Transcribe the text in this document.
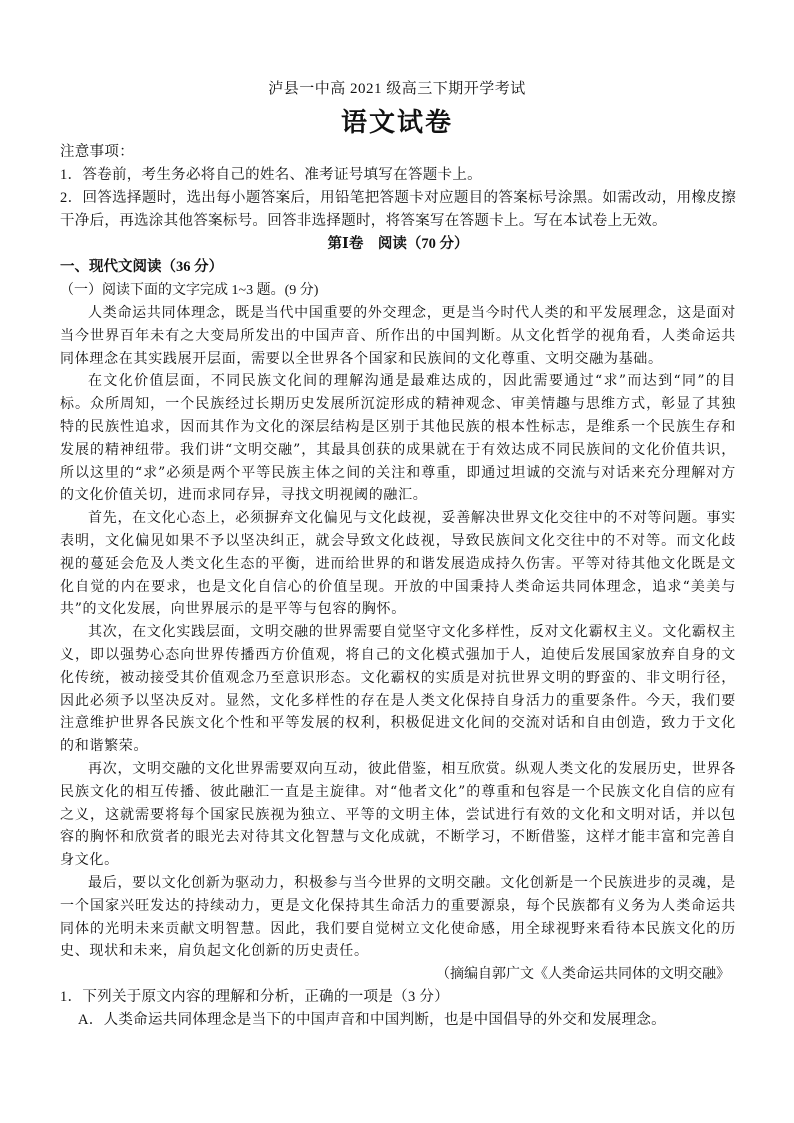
泸县一中高 2021 级高三下期开学考试
语文试卷
注意事项：
1．答卷前，考生务必将自己的姓名、准考证号填写在答题卡上。
2．回答选择题时，选出每小题答案后，用铅笔把答题卡对应题目的答案标号涂黑。如需改动，用橡皮擦干净后，再选涂其他答案标号。回答非选择题时，将答案写在答题卡上。写在本试卷上无效。
第Ⅰ卷　阅读（70 分）
一、现代文阅读（36 分）
（一）阅读下面的文字完成 1~3 题。(9 分)

人类命运共同体理念，既是当代中国重要的外交理念，更是当今时代人类的和平发展理念，这是面对当今世界百年未有之大变局所发出的中国声音、所作出的中国判断。从文化哲学的视角看，人类命运共同体理念在其实践展开层面，需要以全世界各个国家和民族间的文化尊重、文明交融为基础。

在文化价值层面，不同民族文化间的理解沟通是最难达成的，因此需要通过“求”而达到“同”的目标。众所周知，一个民族经过长期历史发展所沉淀形成的精神观念、审美情趣与思维方式，彰显了其独特的民族性追求，因而其作为文化的深层结构是区别于其他民族的根本性标志，是维系一个民族生存和发展的精神纽带。我们讲“文明交融”，其最具创获的成果就在于有效达成不同民族间的文化价值共识，所以这里的“求”必须是两个平等民族主体之间的关注和尊重，即通过坦诚的交流与对话来充分理解对方的文化价值关切，进而求同存异，寻找文明视阈的融汇。

首先，在文化心态上，必须摒弃文化偏见与文化歧视，妥善解决世界文化交往中的不对等问题。事实表明，文化偏见如果不予以坚决纠正，就会导致文化歧视，导致民族间文化交往中的不对等。而文化歧视的蔓延会危及人类文化生态的平衡，进而给世界的和谐发展造成持久伤害。平等对待其他文化既是文化自觉的内在要求，也是文化自信心的价值呈现。开放的中国秉持人类命运共同体理念，追求“美美与共”的文化发展，向世界展示的是平等与包容的胸怀。

其次，在文化实践层面，文明交融的世界需要自觉坚守文化多样性，反对文化霸权主义。文化霸权主义，即以强势心态向世界传播西方价值观，将自己的文化模式强加于人，迫使后发展国家放弃自身的文化传统，被动接受其价值观念乃至意识形态。文化霸权的实质是对抗世界文明的野蛮的、非文明行径，因此必须予以坚决反对。显然，文化多样性的存在是人类文化保持自身活力的重要条件。今天，我们要注意维护世界各民族文化个性和平等发展的权利，积极促进文化间的交流对话和自由创造，致力于文化的和谐繁荣。

再次，文明交融的文化世界需要双向互动，彼此借鉴，相互欣赏。纵观人类文化的发展历史，世界各民族文化的相互传播、彼此融汇一直是主旋律。对“他者文化”的尊重和包容是一个民族文化自信的应有之义，这就需要将每个国家民族视为独立、平等的文明主体，尝试进行有效的文化和文明对话，并以包容的胸怀和欣赏者的眼光去对待其文化智慧与文化成就，不断学习，不断借鉴，这样才能丰富和完善自身文化。

最后，要以文化创新为驱动力，积极参与当今世界的文明交融。文化创新是一个民族进步的灵魂，是一个国家兴旺发达的持续动力，更是文化保持其生命活力的重要源泉，每个民族都有义务为人类命运共同体的光明未来贡献文明智慧。因此，我们要自觉树立文化使命感，用全球视野来看待本民族文化的历史、现状和未来，肩负起文化创新的历史责任。

（摘编自郭广文《人类命运共同体的文明交融》
1．下列关于原文内容的理解和分析，正确的一项是（3 分）
A．人类命运共同体理念是当下的中国声音和中国判断，也是中国倡导的外交和发展理念。
